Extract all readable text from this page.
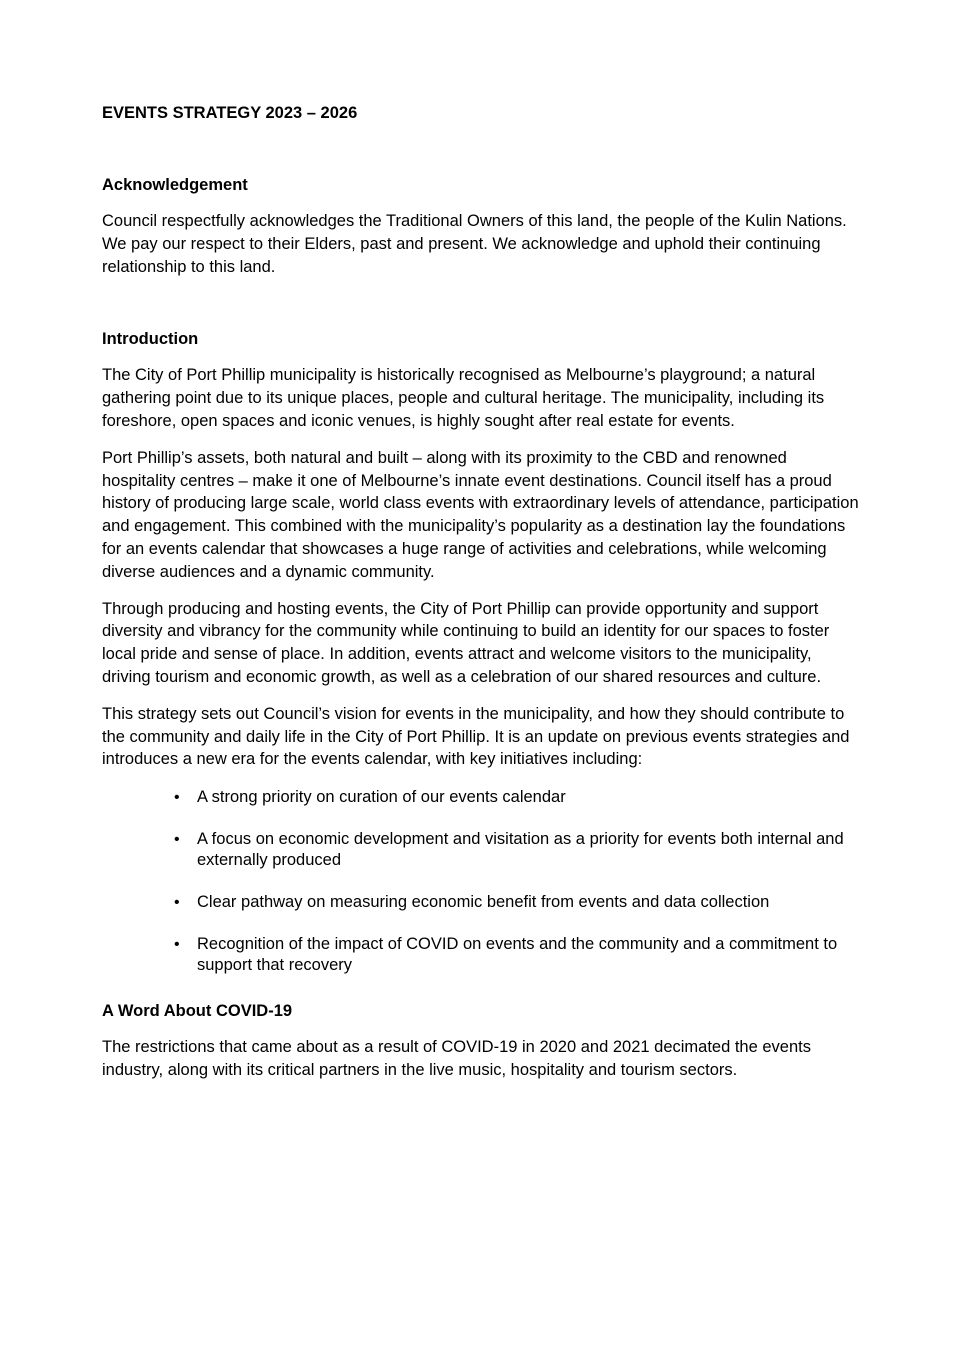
EVENTS STRATEGY 2023 – 2026
Acknowledgement

Council respectfully acknowledges the Traditional Owners of this land, the people of the Kulin Nations. We pay our respect to their Elders, past and present. We acknowledge and uphold their continuing relationship to this land.

Introduction

The City of Port Phillip municipality is historically recognised as Melbourne’s playground; a natural gathering point due to its unique places, people and cultural heritage. The municipality, including its foreshore, open spaces and iconic venues, is highly sought after real estate for events.

Port Phillip’s assets, both natural and built – along with its proximity to the CBD and renowned hospitality centres – make it one of Melbourne’s innate event destinations. Council itself has a proud history of producing large scale, world class events with extraordinary levels of attendance, participation and engagement. This combined with the municipality’s popularity as a destination lay the foundations for an events calendar that showcases a huge range of activities and celebrations, while welcoming diverse audiences and a dynamic community.

Through producing and hosting events, the City of Port Phillip can provide opportunity and support diversity and vibrancy for the community while continuing to build an identity for our spaces to foster local pride and sense of place. In addition, events attract and welcome visitors to the municipality, driving tourism and economic growth, as well as a celebration of our shared resources and culture.

This strategy sets out Council’s vision for events in the municipality, and how they should contribute to the community and daily life in the City of Port Phillip. It is an update on previous events strategies and introduces a new era for the events calendar, with key initiatives including:

• A strong priority on curation of our events calendar
• A focus on economic development and visitation as a priority for events both internal and externally produced
• Clear pathway on measuring economic benefit from events and data collection
• Recognition of the impact of COVID on events and the community and a commitment to support that recovery
A Word About COVID-19

The restrictions that came about as a result of COVID-19 in 2020 and 2021 decimated the events industry, along with its critical partners in the live music, hospitality and tourism sectors.
